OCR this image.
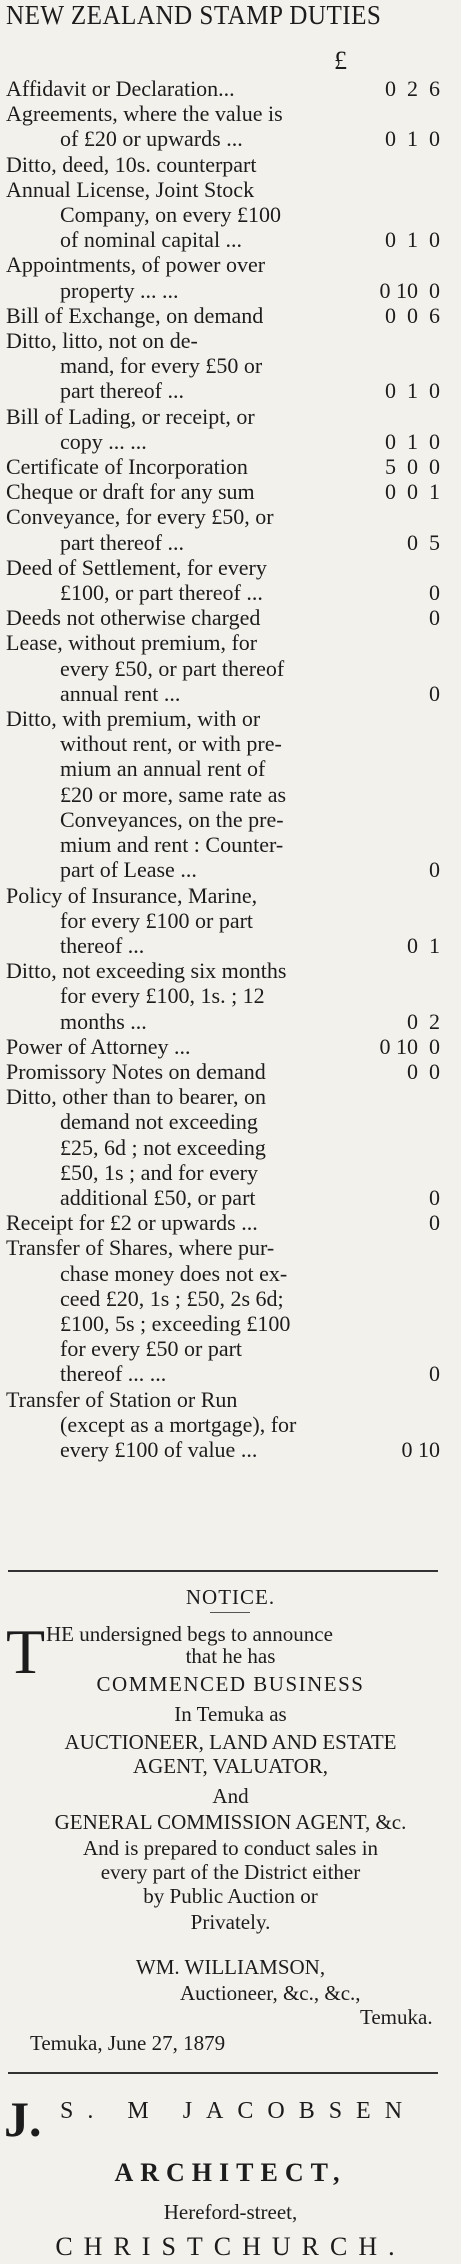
NEW ZEALAND STAMP DUTIES
£
Affidavit or Declaration...	0  2  6
Agreements, where the value is
of £20 or upwards ...	0  1  0
Ditto, deed, 10s. counterpart
Annual License, Joint Stock
Company, on every £100
of nominal capital ...	0  1  0
Appointments, of power over
property ... ...	0 10  0
Bill of Exchange, on demand	0  0  6
Ditto, litto, not on de-
mand, for every £50 or
part thereof ...	0  1  0
Bill of Lading, or receipt, or
copy ... ...	0  1  0
Certificate of Incorporation	5  0  0
Cheque or draft for any sum	0  0  1
Conveyance, for every £50, or
part thereof ...	0  5
Deed of Settlement, for every
£100, or part thereof ...	0
Deeds not otherwise charged	0
Lease, without premium, for
every £50, or part thereof
annual rent ...	0
Ditto, with premium, with or
without rent, or with pre-
mium an annual rent of
£20 or more, same rate as
Conveyances, on the pre-
mium and rent : Counter-
part of Lease ...	0
Policy of Insurance, Marine,
for every £100 or part
thereof ...	0  1
Ditto, not exceeding six months
for every £100, 1s. ; 12
months ...	0  2
Power of Attorney ...	0 10  0
Promissory Notes on demand	0  0
Ditto, other than to bearer, on
demand not exceeding
£25, 6d ; not exceeding
£50, 1s ; and for every
additional £50, or part	0
Receipt for £2 or upwards ...	0
Transfer of Shares, where pur-
chase money does not ex-
ceed £20, 1s ; £50, 2s 6d;
£100, 5s ; exceeding £100
for every £50 or part
thereof ... ...	0
Transfer of Station or Run
(except as a mortgage), for
every £100 of value ...	0 10
NOTICE.
T HE undersigned begs to announce
that he has
COMMENCED BUSINESS
In Temuka as
AUCTIONEER, LAND AND ESTATE
AGENT, VALUATOR,
And
GENERAL COMMISSION AGENT, &c.
And is prepared to conduct sales in
every part of the District either
by Public Auction or
Privately.
WM. WILLIAMSON,
Auctioneer, &c., &c.,
Temuka.
Temuka, June 27, 1879
J. S. M JACOBSEN
ARCHITECT,
Hereford-street,
CHRISTCHURCH.
